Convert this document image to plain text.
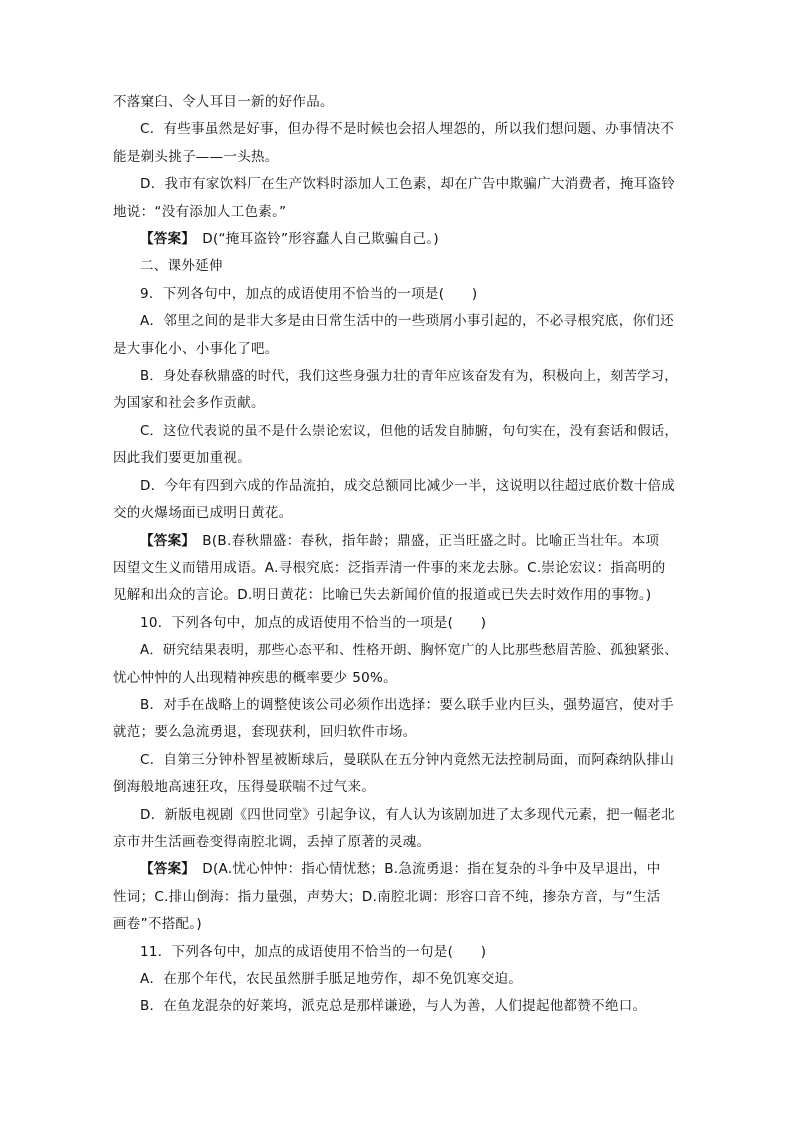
不落窠臼、令人耳目一新的好作品。

C．有些事虽然是好事，但办得不是时候也会招人埋怨的，所以我们想问题、办事情决不

能是剃头挑子——一头热。

D．我市有家饮料厂在生产饮料时添加人工色素，却在广告中欺骗广大消费者，掩耳盗铃

地说：“没有添加人工色素。”

【答案】　D(“掩耳盗铃”形容蠢人自己欺骗自己。)

二、课外延伸

9．下列各句中，加点的成语使用不恰当的一项是(　　)

A．邻里之间的是非大多是由日常生活中的一些琐屑小事引起的，不必寻根究底，你们还

是大事化小、小事化了吧。

B．身处春秋鼎盛的时代，我们这些身强力壮的青年应该奋发有为，积极向上，刻苦学习，

为国家和社会多作贡献。

C．这位代表说的虽不是什么崇论宏议，但他的话发自肺腑，句句实在，没有套话和假话，

因此我们要更加重视。

D．今年有四到六成的作品流拍，成交总额同比减少一半，这说明以往超过底价数十倍成

交的火爆场面已成明日黄花。

【答案】　B(B.春秋鼎盛：春秋，指年龄；鼎盛，正当旺盛之时。比喻正当壮年。本项

因望文生义而错用成语。A.寻根究底：泛指弄清一件事的来龙去脉。C.崇论宏议：指高明的

见解和出众的言论。D.明日黄花：比喻已失去新闻价值的报道或已失去时效作用的事物。)

10．下列各句中，加点的成语使用不恰当的一项是(　　)

A．研究结果表明，那些心态平和、性格开朗、胸怀宽广的人比那些愁眉苦脸、孤独紧张、

忧心忡忡的人出现精神疾患的概率要少 50%。

B．对手在战略上的调整使该公司必须作出选择：要么联手业内巨头，强势逼宫，使对手

就范；要么急流勇退，套现获利，回归软件市场。

C．自第三分钟朴智星被断球后，曼联队在五分钟内竟然无法控制局面，而阿森纳队排山

倒海般地高速狂攻，压得曼联喘不过气来。

D．新版电视剧《四世同堂》引起争议，有人认为该剧加进了太多现代元素，把一幅老北

京市井生活画卷变得南腔北调，丢掉了原著的灵魂。

【答案】　D(A.忧心忡忡：指心情忧愁；B.急流勇退：指在复杂的斗争中及早退出，中

性词；C.排山倒海：指力量强，声势大；D.南腔北调：形容口音不纯，掺杂方音，与“生活

画卷”不搭配。)

11．下列各句中，加点的成语使用不恰当的一句是(　　)

A．在那个年代，农民虽然胼手胝足地劳作，却不免饥寒交迫。

B．在鱼龙混杂的好莱坞，派克总是那样谦逊，与人为善，人们提起他都赞不绝口。
